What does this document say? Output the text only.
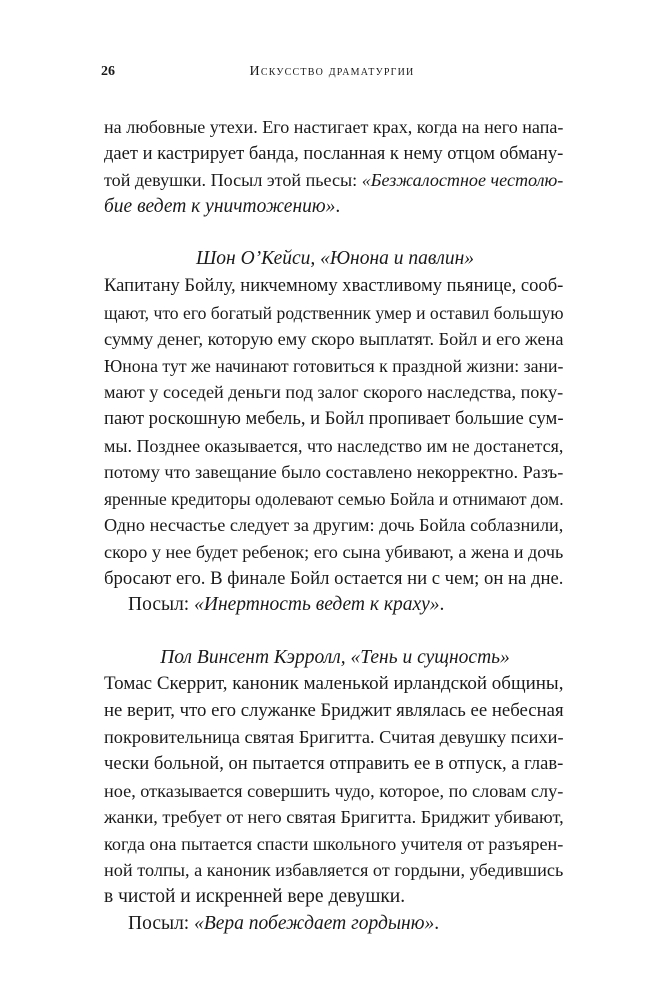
26	Искусство драматургии
на любовные утехи. Его настигает крах, когда на него напа-
дает и кастрирует банда, посланная к нему отцом обману-
той девушки. Посыл этой пьесы: «Безжалостное честолю-
бие ведет к уничтожению».
Шон О’Кейси, «Юнона и павлин»
Капитану Бойлу, никчемному хвастливому пьянице, сооб-
щают, что его богатый родственник умер и оставил большую
сумму денег, которую ему скоро выплатят. Бойл и его жена
Юнона тут же начинают готовиться к праздной жизни: зани-
мают у соседей деньги под залог скорого наследства, поку-
пают роскошную мебель, и Бойл пропивает большие сум-
мы. Позднее оказывается, что наследство им не достанется,
потому что завещание было составлено некорректно. Разъ-
яренные кредиторы одолевают семью Бойла и отнимают дом.
Одно несчастье следует за другим: дочь Бойла соблазнили,
скоро у нее будет ребенок; его сына убивают, а жена и дочь
бросают его. В финале Бойл остается ни с чем; он на дне.
Посыл: «Инертность ведет к краху».
Пол Винсент Кэрролл, «Тень и сущность»
Томас Скеррит, каноник маленькой ирландской общины,
не верит, что его служанке Бриджит являлась ее небесная
покровительница святая Бригитта. Считая девушку психи-
чески больной, он пытается отправить ее в отпуск, а глав-
ное, отказывается совершить чудо, которое, по словам слу-
жанки, требует от него святая Бригитта. Бриджит убивают,
когда она пытается спасти школьного учителя от разъярен-
ной толпы, а каноник избавляется от гордыни, убедившись
в чистой и искренней вере девушки.
Посыл: «Вера побеждает гордыню».
